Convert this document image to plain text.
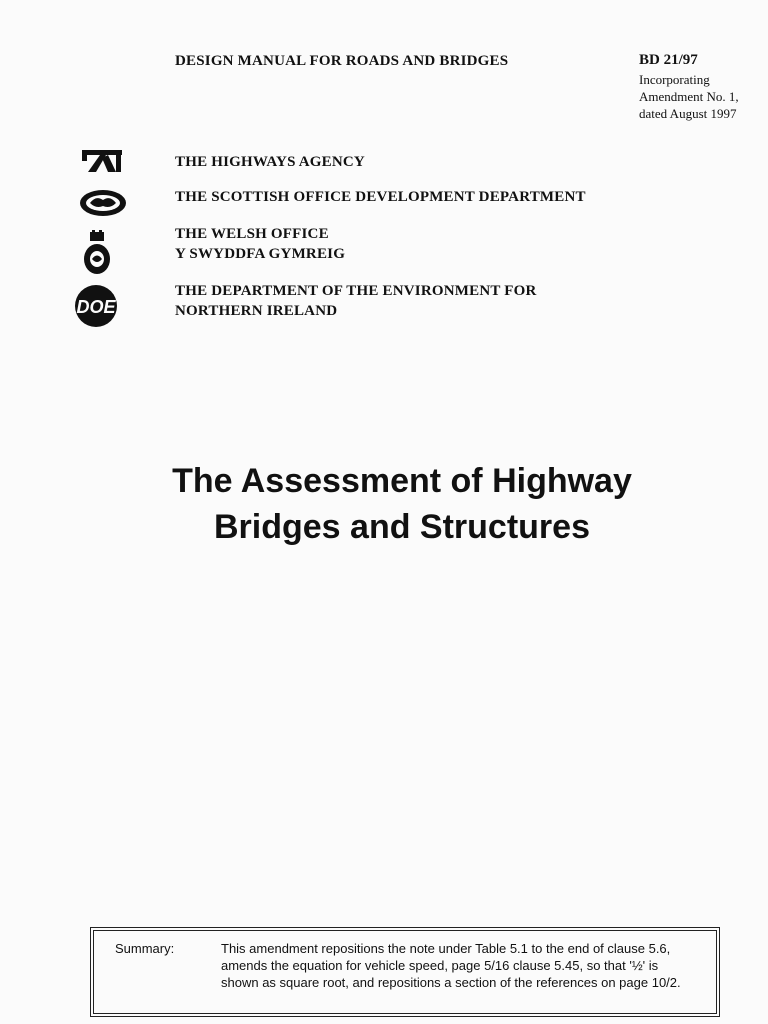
DESIGN MANUAL FOR ROADS AND BRIDGES	BD 21/97
Incorporating
Amendment No. 1,
dated August 1997
DOE
THE HIGHWAYS AGENCY
THE SCOTTISH OFFICE DEVELOPMENT DEPARTMENT
THE WELSH OFFICE
Y SWYDDFA GYMREIG
THE DEPARTMENT OF THE ENVIRONMENT FOR
NORTHERN IRELAND
The Assessment of Highway
Bridges and Structures
Summary:	This amendment repositions the note under Table 5.1 to the end of clause 5.6, amends the equation for vehicle speed, page 5/16 clause 5.45, so that '½' is shown as square root, and repositions a section of the references on page 10/2.
